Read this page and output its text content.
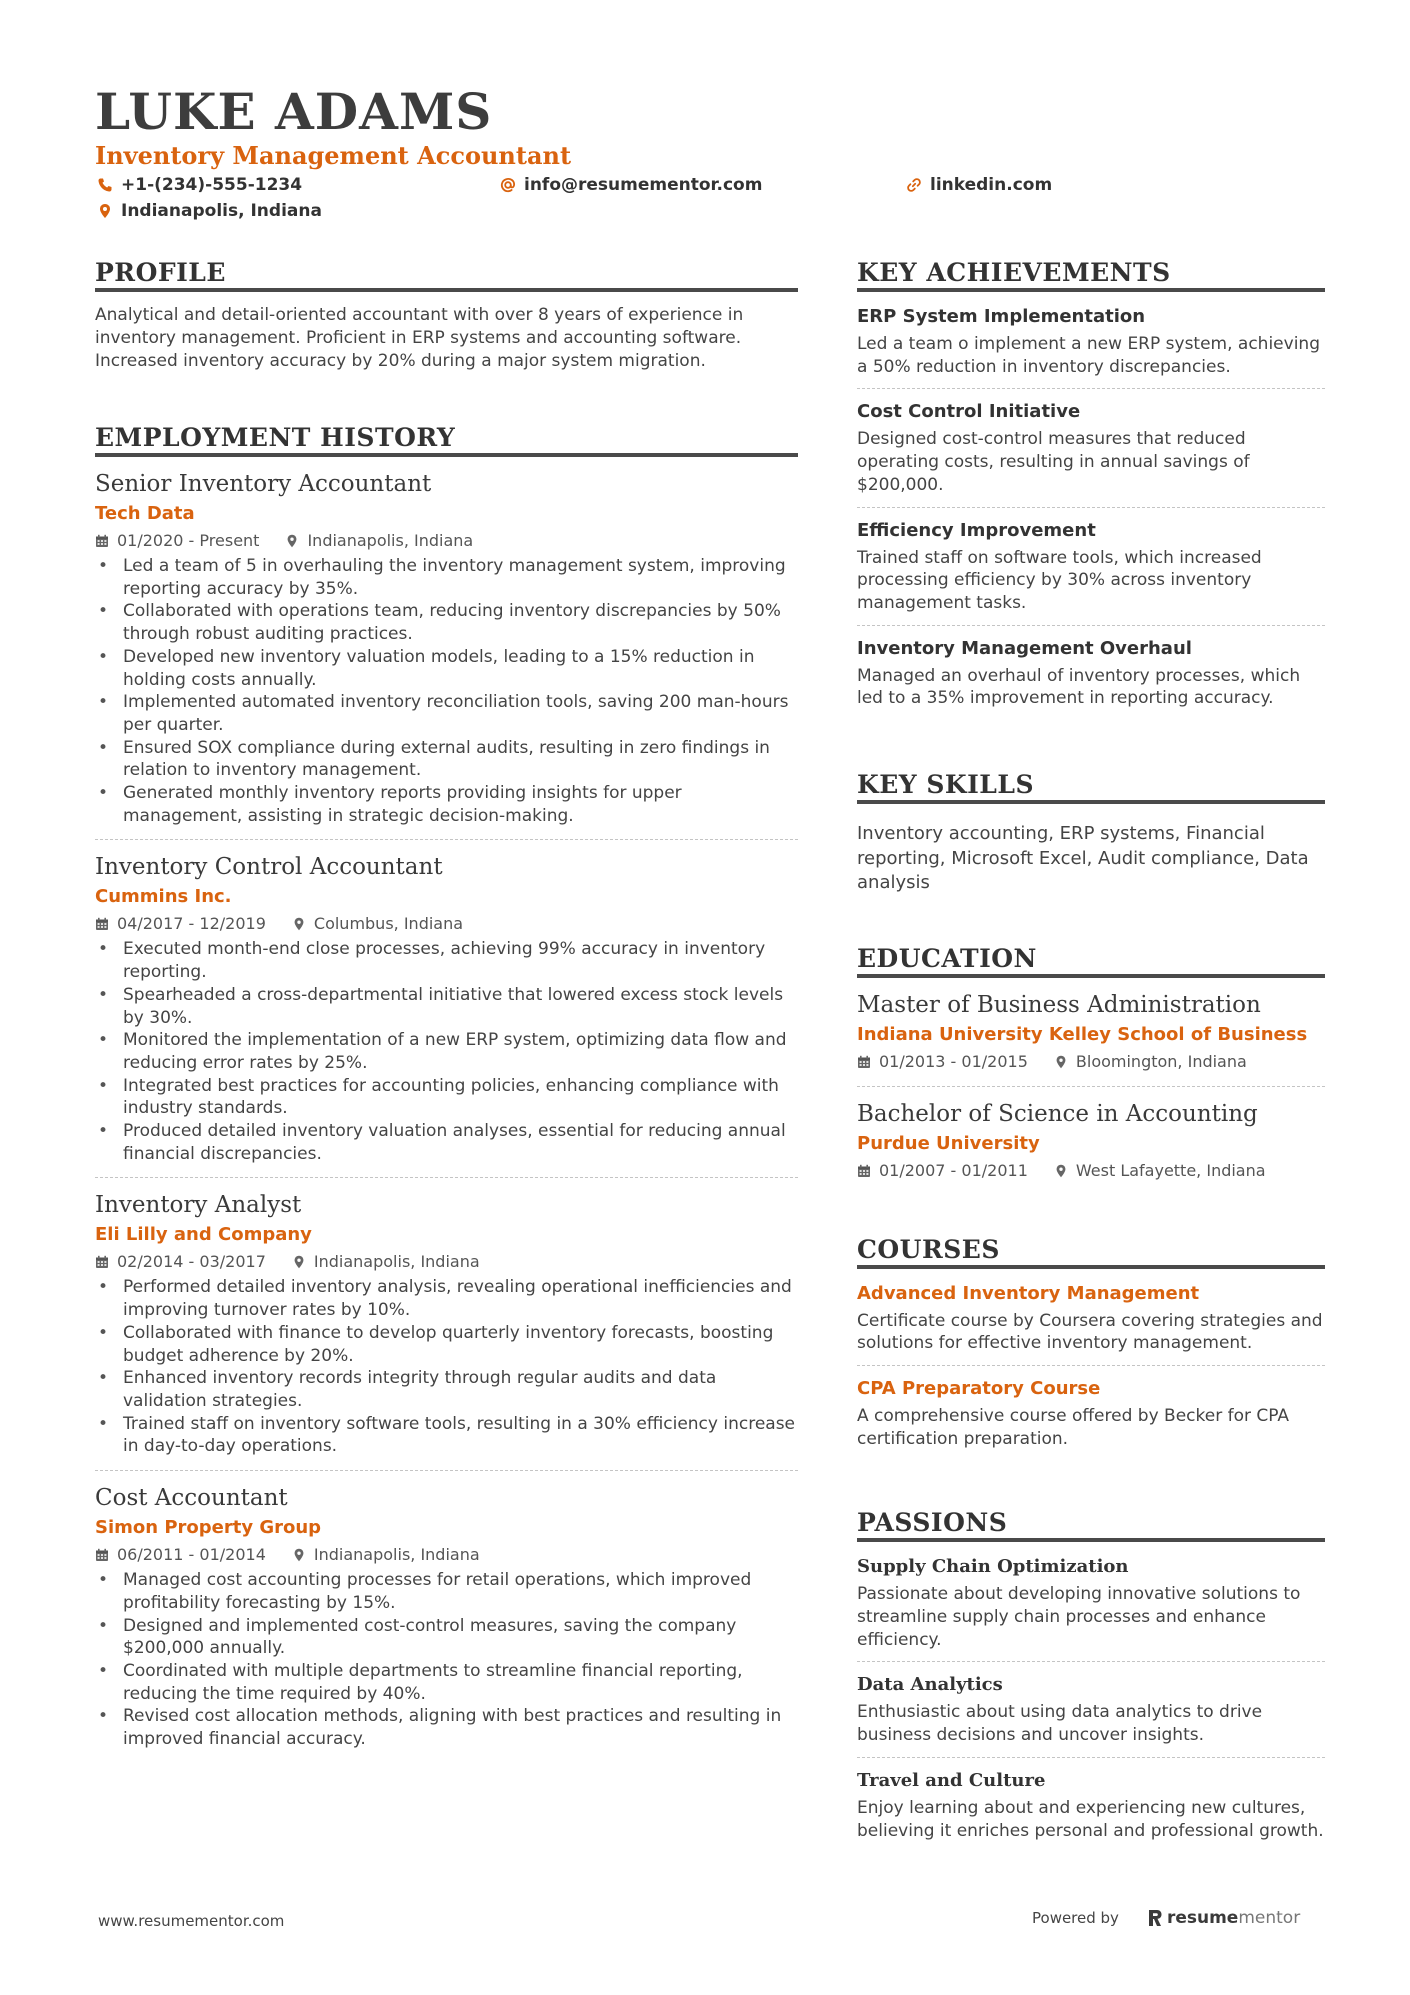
LUKE ADAMS
Inventory Management Accountant
+1-(234)-555-1234	info@resumementor.com	linkedin.com
Indianapolis, Indiana
PROFILE
Analytical and detail-oriented accountant with over 8 years of experience in inventory management. Proficient in ERP systems and accounting software. Increased inventory accuracy by 20% during a major system migration.
EMPLOYMENT HISTORY
Senior Inventory Accountant
Tech Data
01/2020 - Present	Indianapolis, Indiana
• Led a team of 5 in overhauling the inventory management system, improving reporting accuracy by 35%.
• Collaborated with operations team, reducing inventory discrepancies by 50% through robust auditing practices.
• Developed new inventory valuation models, leading to a 15% reduction in holding costs annually.
• Implemented automated inventory reconciliation tools, saving 200 man-hours per quarter.
• Ensured SOX compliance during external audits, resulting in zero findings in relation to inventory management.
• Generated monthly inventory reports providing insights for upper management, assisting in strategic decision-making.
Inventory Control Accountant
Cummins Inc.
04/2017 - 12/2019	Columbus, Indiana
• Executed month-end close processes, achieving 99% accuracy in inventory reporting.
• Spearheaded a cross-departmental initiative that lowered excess stock levels by 30%.
• Monitored the implementation of a new ERP system, optimizing data flow and reducing error rates by 25%.
• Integrated best practices for accounting policies, enhancing compliance with industry standards.
• Produced detailed inventory valuation analyses, essential for reducing annual financial discrepancies.
Inventory Analyst
Eli Lilly and Company
02/2014 - 03/2017	Indianapolis, Indiana
• Performed detailed inventory analysis, revealing operational inefficiencies and improving turnover rates by 10%.
• Collaborated with finance to develop quarterly inventory forecasts, boosting budget adherence by 20%.
• Enhanced inventory records integrity through regular audits and data validation strategies.
• Trained staff on inventory software tools, resulting in a 30% efficiency increase in day-to-day operations.
Cost Accountant
Simon Property Group
06/2011 - 01/2014	Indianapolis, Indiana
• Managed cost accounting processes for retail operations, which improved profitability forecasting by 15%.
• Designed and implemented cost-control measures, saving the company $200,000 annually.
• Coordinated with multiple departments to streamline financial reporting, reducing the time required by 40%.
• Revised cost allocation methods, aligning with best practices and resulting in improved financial accuracy.
KEY ACHIEVEMENTS
ERP System Implementation
Led a team o implement a new ERP system, achieving a 50% reduction in inventory discrepancies.
Cost Control Initiative
Designed cost-control measures that reduced operating costs, resulting in annual savings of $200,000.
Efficiency Improvement
Trained staff on software tools, which increased processing efficiency by 30% across inventory management tasks.
Inventory Management Overhaul
Managed an overhaul of inventory processes, which led to a 35% improvement in reporting accuracy.
KEY SKILLS
Inventory accounting, ERP systems, Financial reporting, Microsoft Excel, Audit compliance, Data analysis
EDUCATION
Master of Business Administration
Indiana University Kelley School of Business
01/2013 - 01/2015	Bloomington, Indiana
Bachelor of Science in Accounting
Purdue University
01/2007 - 01/2011	West Lafayette, Indiana
COURSES
Advanced Inventory Management
Certificate course by Coursera covering strategies and solutions for effective inventory management.
CPA Preparatory Course
A comprehensive course offered by Becker for CPA certification preparation.
PASSIONS
Supply Chain Optimization
Passionate about developing innovative solutions to streamline supply chain processes and enhance efficiency.
Data Analytics
Enthusiastic about using data analytics to drive business decisions and uncover insights.
Travel and Culture
Enjoy learning about and experiencing new cultures, believing it enriches personal and professional growth.
www.resumementor.com	Powered by	resume mentor
